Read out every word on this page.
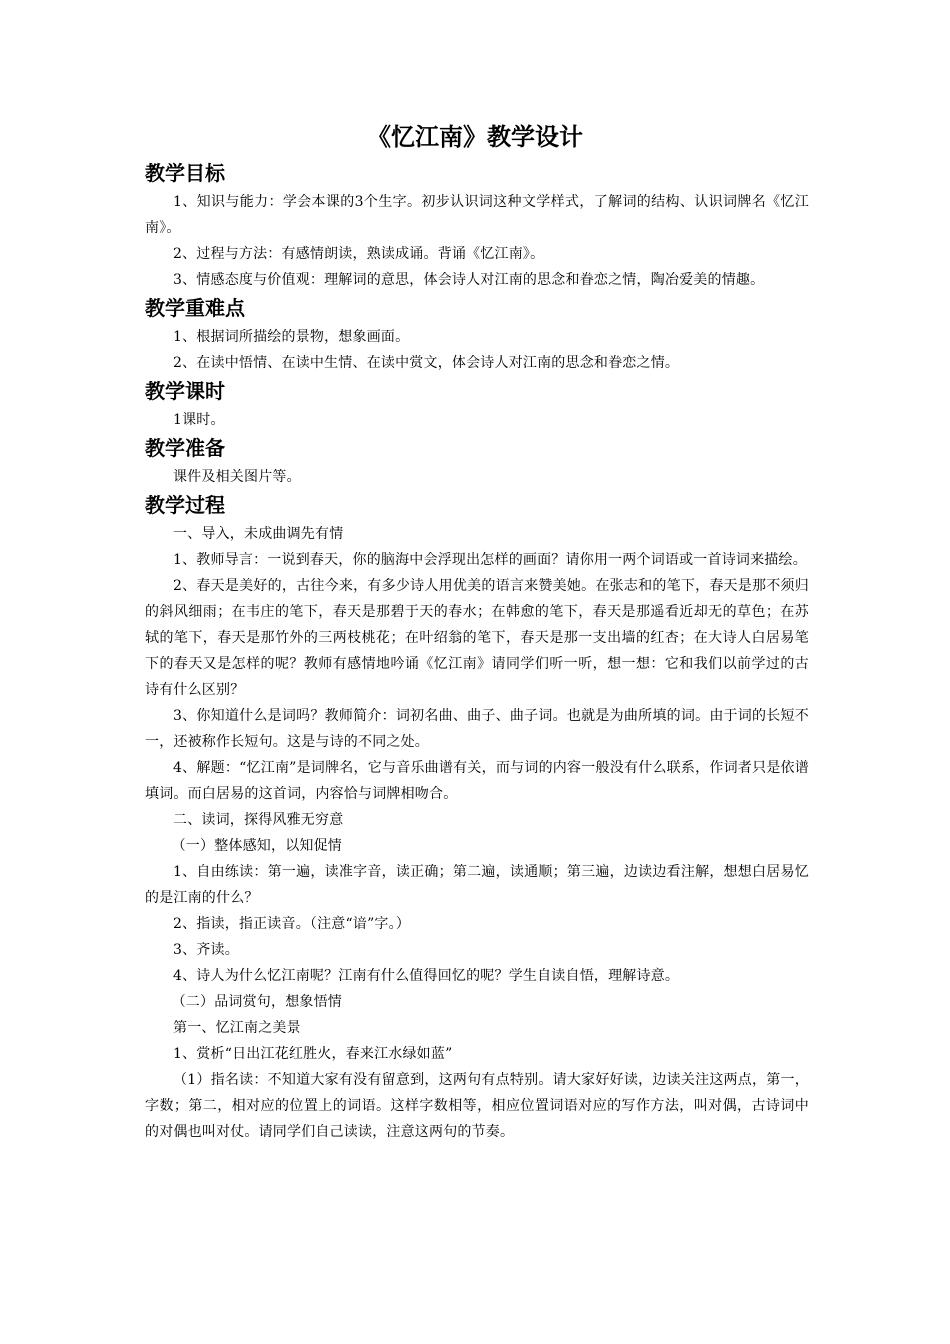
《忆江南》教学设计
教学目标

1、知识与能力：学会本课的3个生字。初步认识词这种文学样式，了解词的结构、认识词牌名《忆江南》。

2、过程与方法：有感情朗读，熟读成诵。背诵《忆江南》。

3、情感态度与价值观：理解词的意思，体会诗人对江南的思念和眷恋之情，陶冶爱美的情趣。

教学重难点

1、根据词所描绘的景物，想象画面。

2、在读中悟情、在读中生情、在读中赏文，体会诗人对江南的思念和眷恋之情。

教学课时

1课时。

教学准备

课件及相关图片等。

教学过程

一、导入，未成曲调先有情

1、教师导言：一说到春天，你的脑海中会浮现出怎样的画面？请你用一两个词语或一首诗词来描绘。

2、春天是美好的，古往今来，有多少诗人用优美的语言来赞美她。在张志和的笔下，春天是那不须归的斜风细雨；在韦庄的笔下，春天是那碧于天的春水；在韩愈的笔下，春天是那遥看近却无的草色；在苏轼的笔下，春天是那竹外的三两枝桃花；在叶绍翁的笔下，春天是那一支出墙的红杏；在大诗人白居易笔下的春天又是怎样的呢？教师有感情地吟诵《忆江南》请同学们听一听，想一想：它和我们以前学过的古诗有什么区别？

3、你知道什么是词吗？教师简介：词初名曲、曲子、曲子词。也就是为曲所填的词。由于词的长短不一，还被称作长短句。这是与诗的不同之处。

4、解题：“忆江南”是词牌名，它与音乐曲谱有关，而与词的内容一般没有什么联系，作词者只是依谱填词。而白居易的这首词，内容恰与词牌相吻合。

二、读词，探得风雅无穷意

（一）整体感知，以知促情

1、自由练读：第一遍，读准字音，读正确；第二遍，读通顺；第三遍，边读边看注解，想想白居易忆的是江南的什么？

2、指读，指正读音。（注意“谙”字。）

3、齐读。

4、诗人为什么忆江南呢？江南有什么值得回忆的呢？学生自读自悟，理解诗意。

（二）品词赏句，想象悟情

第一、忆江南之美景

1、赏析“日出江花红胜火，春来江水绿如蓝”

（1）指名读：不知道大家有没有留意到，这两句有点特别。请大家好好读，边读关注这两点，第一，字数；第二，相对应的位置上的词语。这样字数相等，相应位置词语对应的写作方法，叫对偶，古诗词中的对偶也叫对仗。请同学们自己读读，注意这两句的节奏。
